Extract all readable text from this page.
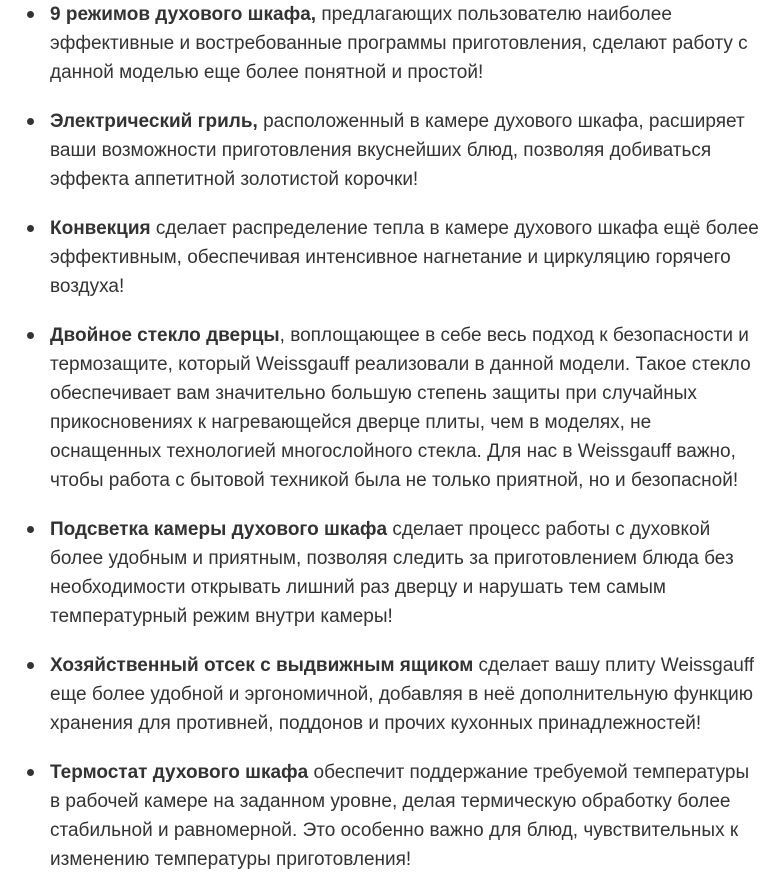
9 режимов духового шкафа, предлагающих пользователю наиболее эффективные и востребованные программы приготовления, сделают работу с данной моделью еще более понятной и простой!
Электрический гриль, расположенный в камере духового шкафа, расширяет ваши возможности приготовления вкуснейших блюд, позволяя добиваться эффекта аппетитной золотистой корочки!
Конвекция сделает распределение тепла в камере духового шкафа ещё более эффективным, обеспечивая интенсивное нагнетание и циркуляцию горячего воздуха!
Двойное стекло дверцы, воплощающее в себе весь подход к безопасности и термозащите, который Weissgauff реализовали в данной модели. Такое стекло обеспечивает вам значительно большую степень защиты при случайных прикосновениях к нагревающейся дверце плиты, чем в моделях, не оснащенных технологией многослойного стекла. Для нас в Weissgauff важно, чтобы работа с бытовой техникой была не только приятной, но и безопасной!
Подсветка камеры духового шкафа сделает процесс работы с духовкой более удобным и приятным, позволяя следить за приготовлением блюда без необходимости открывать лишний раз дверцу и нарушать тем самым температурный режим внутри камеры!
Хозяйственный отсек с выдвижным ящиком сделает вашу плиту Weissgauff еще более удобной и эргономичной, добавляя в неё дополнительную функцию хранения для противней, поддонов и прочих кухонных принадлежностей!
Термостат духового шкафа обеспечит поддержание требуемой температуры в рабочей камере на заданном уровне, делая термическую обработку более стабильной и равномерной. Это особенно важно для блюд, чувствительных к изменению температуры приготовления!
